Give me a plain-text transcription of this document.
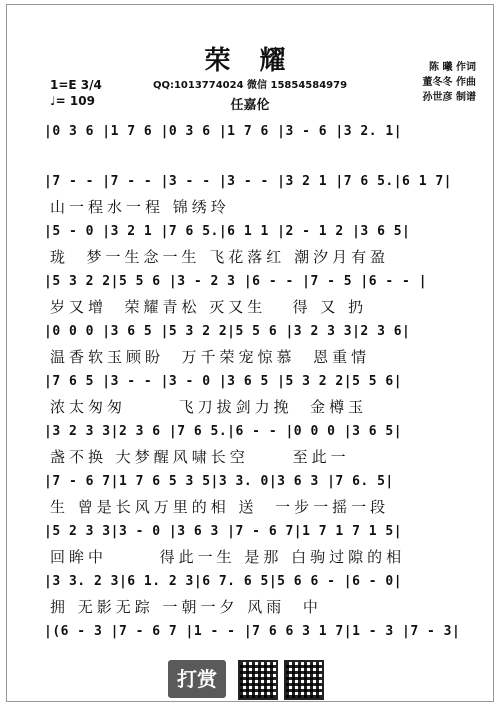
荣 耀
QQ:1013774024 微信 15854584979
任嘉伦
陈 曦 作词
董冬冬 作曲
孙世彦 制谱
1=E 3/4
♩= 109
|0 3 6 |1 7 6 |0 3 6 |1 7 6 |3 - 6 |3 2. 1|
|7 - - |7 - - |3 - - |3 - - |3 2 1 |7 6 5.|6 1 7|
山一程水一程 锦绣玲
|5 - 0 |3 2 1 |7 6 5.|6 1 1 |2 - 1 2 |3 6 5|
珑  梦一生念一生 飞花落红 潮汐月有盈
|5 3 2 2|5 5 6 |3 - 2 3 |6 - - |7 - 5 |6 - - |
岁又增  荣耀青松 灭又生   得 又 扔
|0 0 0 |3 6 5 |5 3 2 2|5 5 6 |3 2 3 3|2 3 6|
温香软玉顾盼  万千荣宠惊慕  恩重情
|7 6 5 |3 - - |3 - 0 |3 6 5 |5 3 2 2|5 5 6|
浓太匆匆      飞刀拔剑力挽  金樽玉
|3 2 3 3|2 3 6 |7 6 5.|6 - - |0 0 0 |3 6 5|
盏不换 大梦醒风啸长空     至此一
|7 - 6 7|1 7 6 5 3 5|3 3. 0|3 6 3 |7 6. 5|
生 曾是长风万里的相 送  一步一摇一段
|5 2 3 3|3 - 0 |3 6 3 |7 - 6 7|1 7 1 7 1 5|
回眸中      得此一生 是那 白驹过隙的相
|3 3. 2 3|6 1. 2 3|6 7. 6 5|5 6 6 - |6 - 0|
拥 无影无踪 一朝一夕 风雨  中
|(6 - 3 |7 - 6 7 |1 - - |7 6 6 3 1 7|1 - 3 |7 - 3|
打赏
